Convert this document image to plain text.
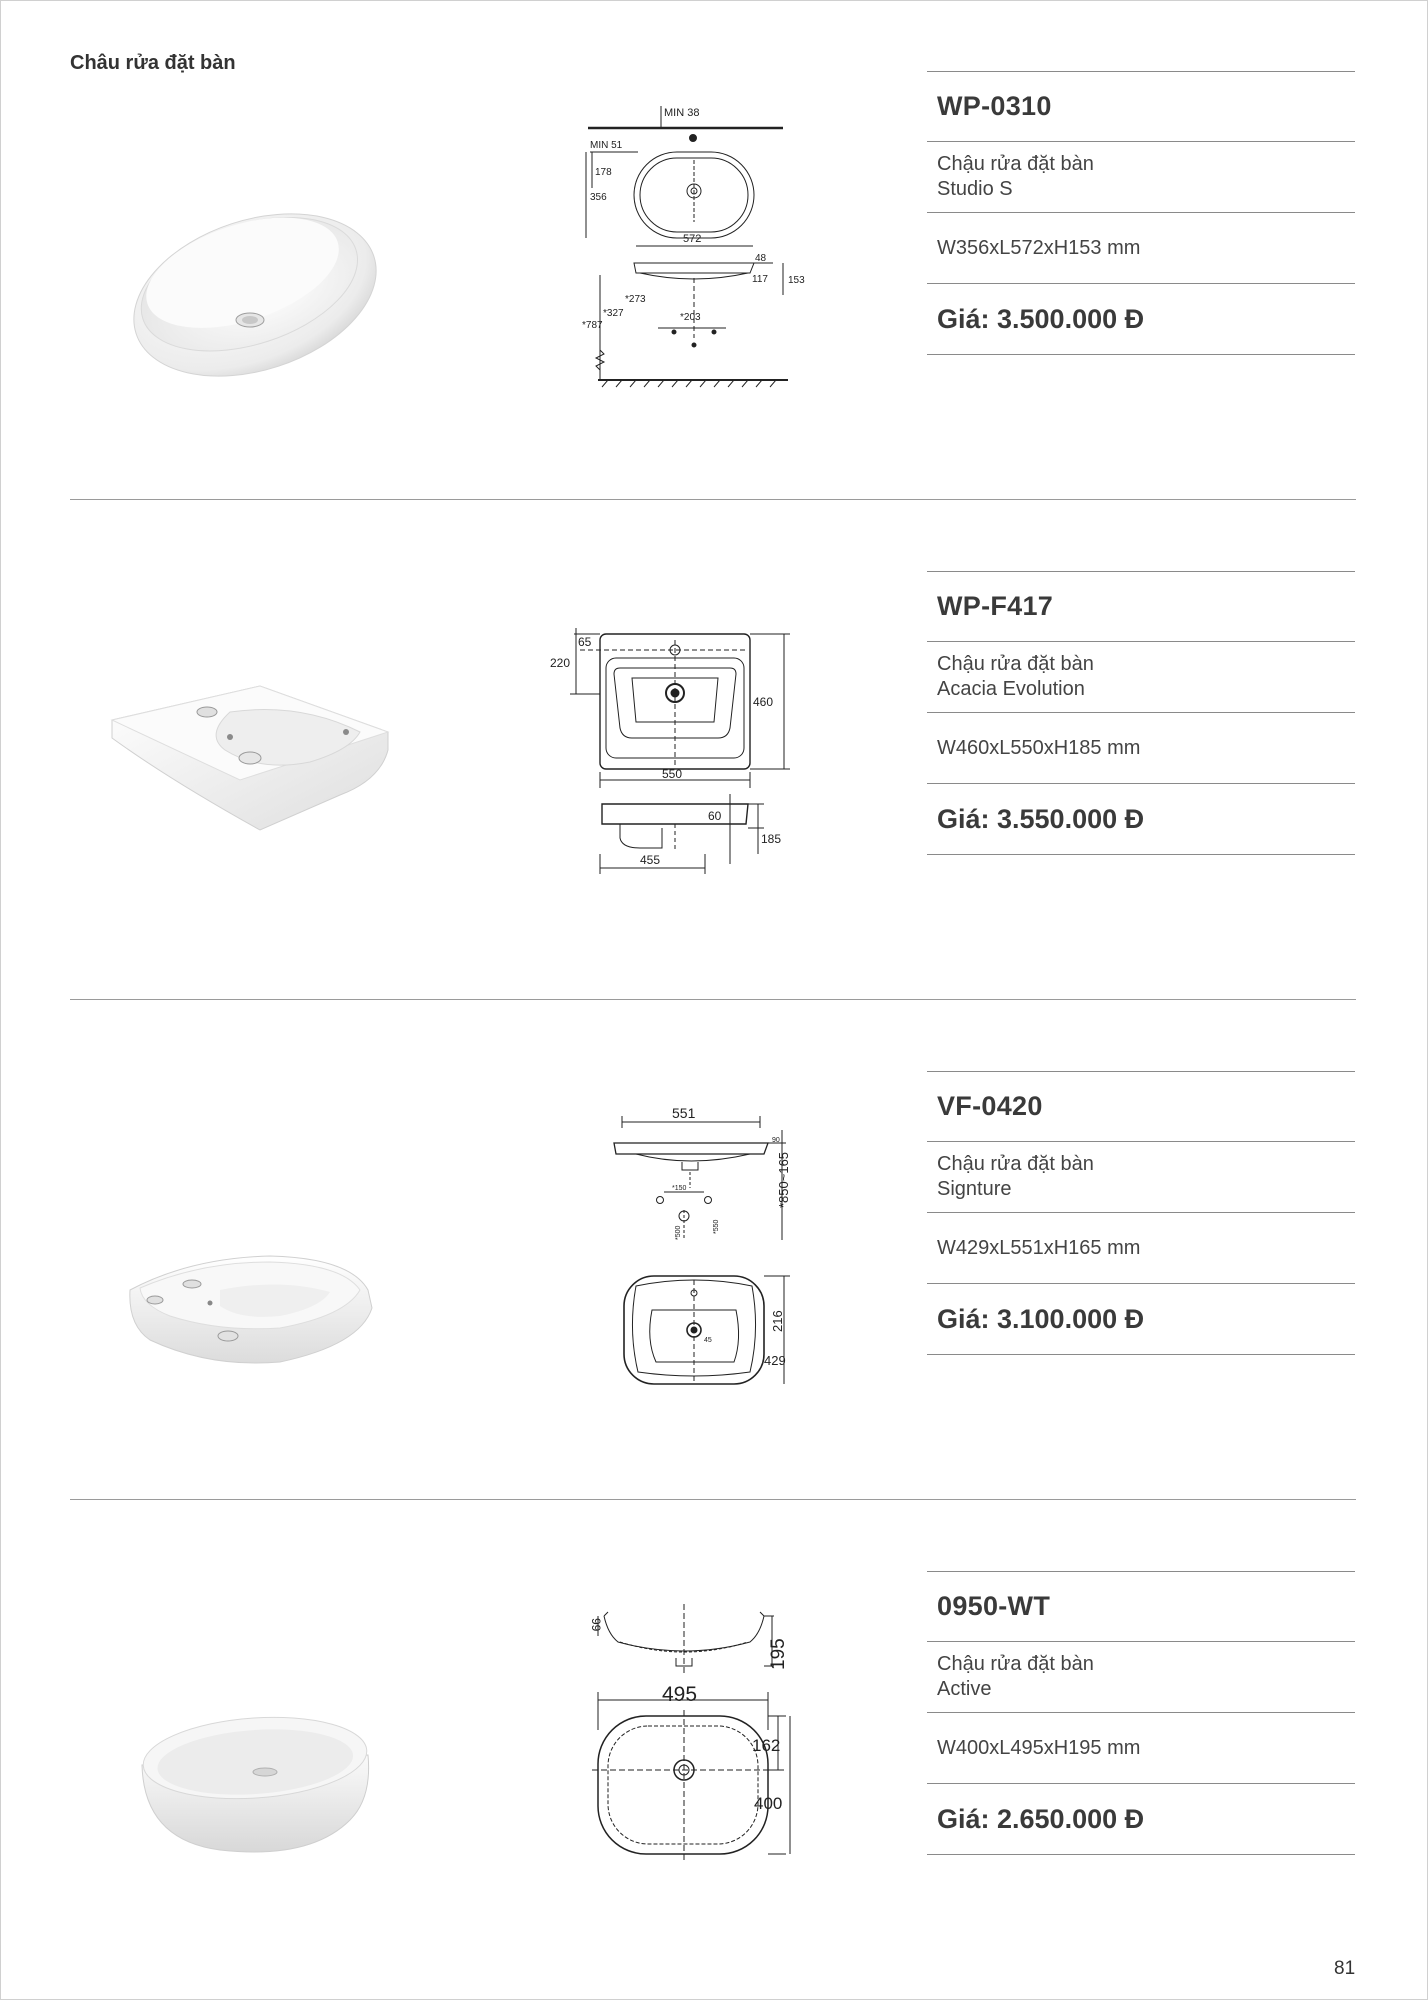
Châu rửa đặt bàn
MIN 38
MIN 51
178
356
572
48
117 153
*273
*327
*787
*203
WP-0310
Chậu rửa đặt bàn
Studio S
W356xL572xH153 mm
Giá: 3.500.000 Đ
65
220
460
550
60
185
455
WP-F417
Chậu rửa đặt bàn
Acacia Evolution
W460xL550xH185 mm
Giá: 3.550.000 Đ
551
90
*850~165
*150
*500	*550
45
216
429
VF-0420
Chậu rửa đặt bàn
Signture
W429xL551xH165 mm
Giá: 3.100.000 Đ
99
195
495
162
400
0950-WT
Chậu rửa đặt bàn
Active
W400xL495xH195 mm
Giá: 2.650.000 Đ
81
